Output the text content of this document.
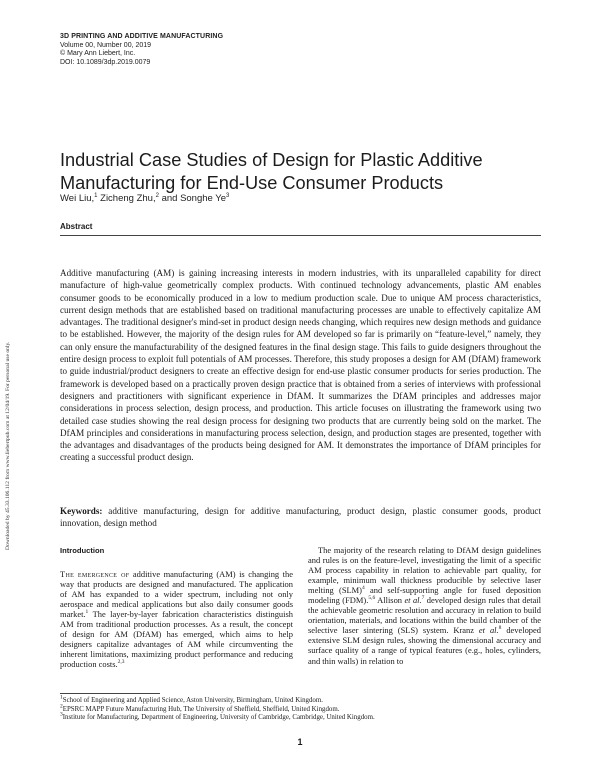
3D PRINTING AND ADDITIVE MANUFACTURING
Volume 00, Number 00, 2019
© Mary Ann Liebert, Inc.
DOI: 10.1089/3dp.2019.0079
Downloaded by 45.33.106.112 from www.liebertpub.com at 12/04/19. For personal use only.
Industrial Case Studies of Design for Plastic Additive Manufacturing for End-Use Consumer Products
Wei Liu,$^1$ Zicheng Zhu,$^2$ and Songhe Ye$^3$
Abstract

Additive manufacturing (AM) is gaining increasing interests in modern industries, with its unparalleled capability for direct manufacture of high-value geometrically complex products. With continued technology advancements, plastic AM enables consumer goods to be economically produced in a low to medium production scale. Due to unique AM process characteristics, current design methods that are established based on traditional manufacturing processes are unable to effectively capitalize AM advantages. The traditional designer's mind-set in product design needs changing, which requires new design methods and guidance to be established. However, the majority of the design rules for AM developed so far is primarily on “feature-level,” namely, they can only ensure the manufacturability of the designed features in the final design stage. This fails to guide designers throughout the entire design process to exploit full potentials of AM processes. Therefore, this study proposes a design for AM (DfAM) framework to guide industrial/product designers to create an effective design for end-use plastic consumer products for series production. The framework is developed based on a practically proven design practice that is obtained from a series of interviews with professional designers and practitioners with significant experience in DfAM. It summarizes the DfAM principles and addresses major considerations in process selection, design process, and production. This article focuses on illustrating the framework using two detailed case studies showing the real design process for designing two products that are currently being sold on the market. The DfAM principles and considerations in manufacturing process selection, design, and production stages are presented, together with the advantages and disadvantages of the products being designed for AM. It demonstrates the importance of DfAM principles for creating a successful product design.

Keywords: additive manufacturing, design for additive manufacturing, product design, plastic consumer goods, product innovation, design method

Introduction

The emergence of additive manufacturing (AM) is changing the way that products are designed and manufactured. The application of AM has expanded to a wider spectrum, including not only aerospace and medical applications but also daily consumer goods market.$^1$ The layer-by-layer fabrication characteristics distinguish AM from traditional production processes. As a result, the concept of design for AM (DfAM) has emerged, which aims to help designers capitalize advantages of AM while circumventing the inherent limitations, maximizing product performance and reducing production costs.$^{2,3}$

The majority of the research relating to DfAM design guidelines and rules is on the feature-level, investigating the limit of a specific AM process capability in relation to achievable part quality, for example, minimum wall thickness producible by selective laser melting (SLM)$^4$ and self-supporting angle for fused deposition modeling (FDM).$^{5,6}$ Allison et al.$^7$ developed design rules that detail the achievable geometric resolution and accuracy in relation to build orientation, materials, and locations within the build chamber of the selective laser sintering (SLS) system. Kranz et al.$^8$ developed extensive SLM design rules, showing the dimensional accuracy and surface quality of a range of typical features (e.g., holes, cylinders, and thin walls) in relation to

$^1$School of Engineering and Applied Science, Aston University, Birmingham, United Kingdom.
$^2$EPSRC MAPP Future Manufacturing Hub, The University of Sheffield, Sheffield, United Kingdom.
$^3$Institute for Manufacturing, Department of Engineering, University of Cambridge, Cambridge, United Kingdom.
1
